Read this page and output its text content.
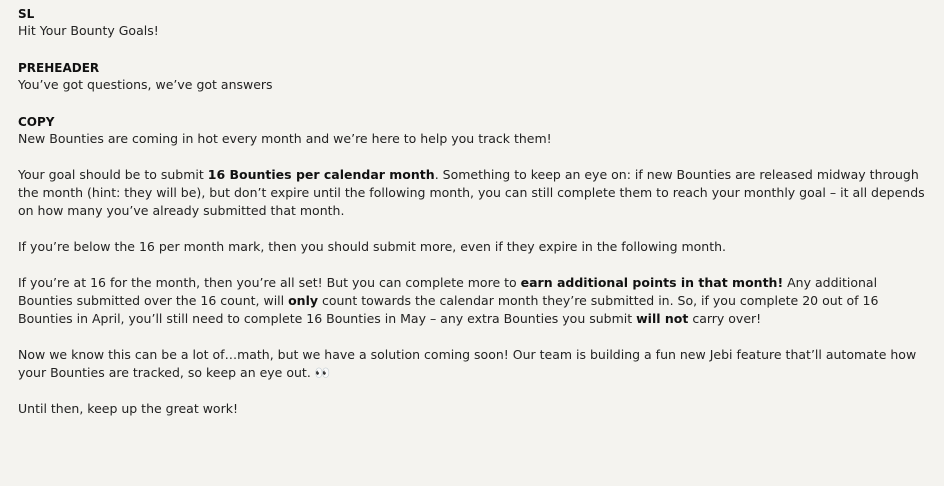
SL
Hit Your Bounty Goals!
PREHEADER
You’ve got questions, we’ve got answers
COPY

New Bounties are coming in hot every month and we’re here to help you track them!

Your goal should be to submit 16 Bounties per calendar month. Something to keep an eye on: if new Bounties are released midway through the month (hint: they will be), but don’t expire until the following month, you can still complete them to reach your monthly goal – it all depends on how many you’ve already submitted that month.

If you’re below the 16 per month mark, then you should submit more, even if they expire in the following month.

If you’re at 16 for the month, then you’re all set! But you can complete more to earn additional points in that month! Any additional Bounties submitted over the 16 count, will only count towards the calendar month they’re submitted in. So, if you complete 20 out of 16 Bounties in April, you’ll still need to complete 16 Bounties in May – any extra Bounties you submit will not carry over!

Now we know this can be a lot of…math, but we have a solution coming soon! Our team is building a fun new Jebi feature that’ll automate how your Bounties are tracked, so keep an eye out. 👀

Until then, keep up the great work!
